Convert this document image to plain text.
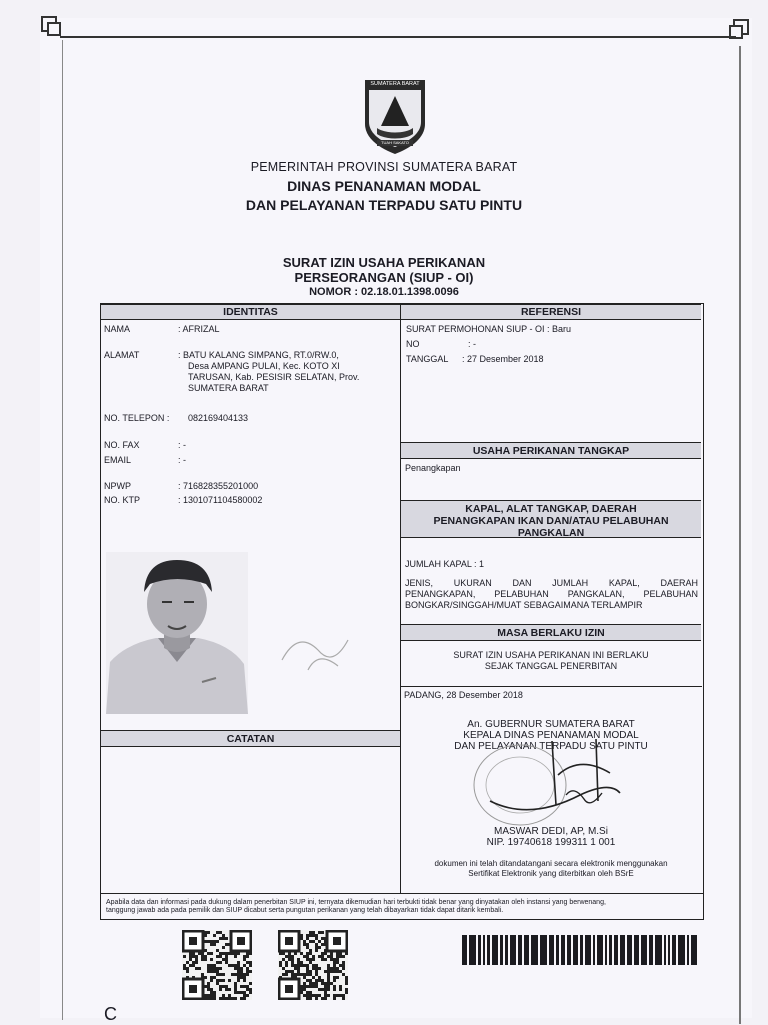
SUMATERA BARAT
TUAH SAKATO
PEMERINTAH PROVINSI SUMATERA BARAT
DINAS PENANAMAN MODAL
DAN PELAYANAN TERPADU SATU PINTU
SURAT IZIN USAHA PERIKANAN
PERSEORANGAN (SIUP - OI)
NOMOR : 02.18.01.1398.0096
IDENTITAS
NAMA	: AFRIZAL
ALAMAT	: BATU KALANG SIMPANG, RT.0/RW.0,
Desa AMPANG PULAI, Kec. KOTO XI
TARUSAN, Kab. PESISIR SELATAN, Prov.
SUMATERA BARAT
NO. TELEPON : 082169404133
NO. FAX	: -
EMAIL	: -
NPWP	: 716828355201000
NO. KTP	: 1301071104580002
CATATAN
REFERENSI
SURAT PERMOHONAN SIUP - OI : Baru
NO	: -
TANGGAL : 27 Desember 2018
USAHA PERIKANAN TANGKAP
Penangkapan
KAPAL, ALAT TANGKAP, DAERAH
PENANGKAPAN IKAN DAN/ATAU PELABUHAN
PANGKALAN
JUMLAH KAPAL : 1
JENIS, UKURAN DAN JUMLAH KAPAL, DAERAH
PENANGKAPAN, PELABUHAN PANGKALAN, PELABUHAN
BONGKAR/SINGGAH/MUAT SEBAGAIMANA TERLAMPIR
MASA BERLAKU IZIN
SURAT IZIN USAHA PERIKANAN INI BERLAKU
SEJAK TANGGAL PENERBITAN
PADANG, 28 Desember 2018
An. GUBERNUR SUMATERA BARAT
KEPALA DINAS PENANAMAN MODAL
DAN PELAYANAN TERPADU SATU PINTU
MASWAR DEDI, AP, M.Si
NIP. 19740618 199311 1 001
dokumen ini telah ditandatangani secara elektronik menggunakan
Sertifikat Elektronik yang diterbitkan oleh BSrE
Apabila data dan informasi pada dukung dalam penerbitan SIUP ini, ternyata dikemudian hari terbukti tidak benar yang dinyatakan oleh instansi yang berwenang,
tanggung jawab ada pada pemilik dan SIUP dicabut serta pungutan perikanan yang telah dibayarkan tidak dapat ditarik kembali.
C
